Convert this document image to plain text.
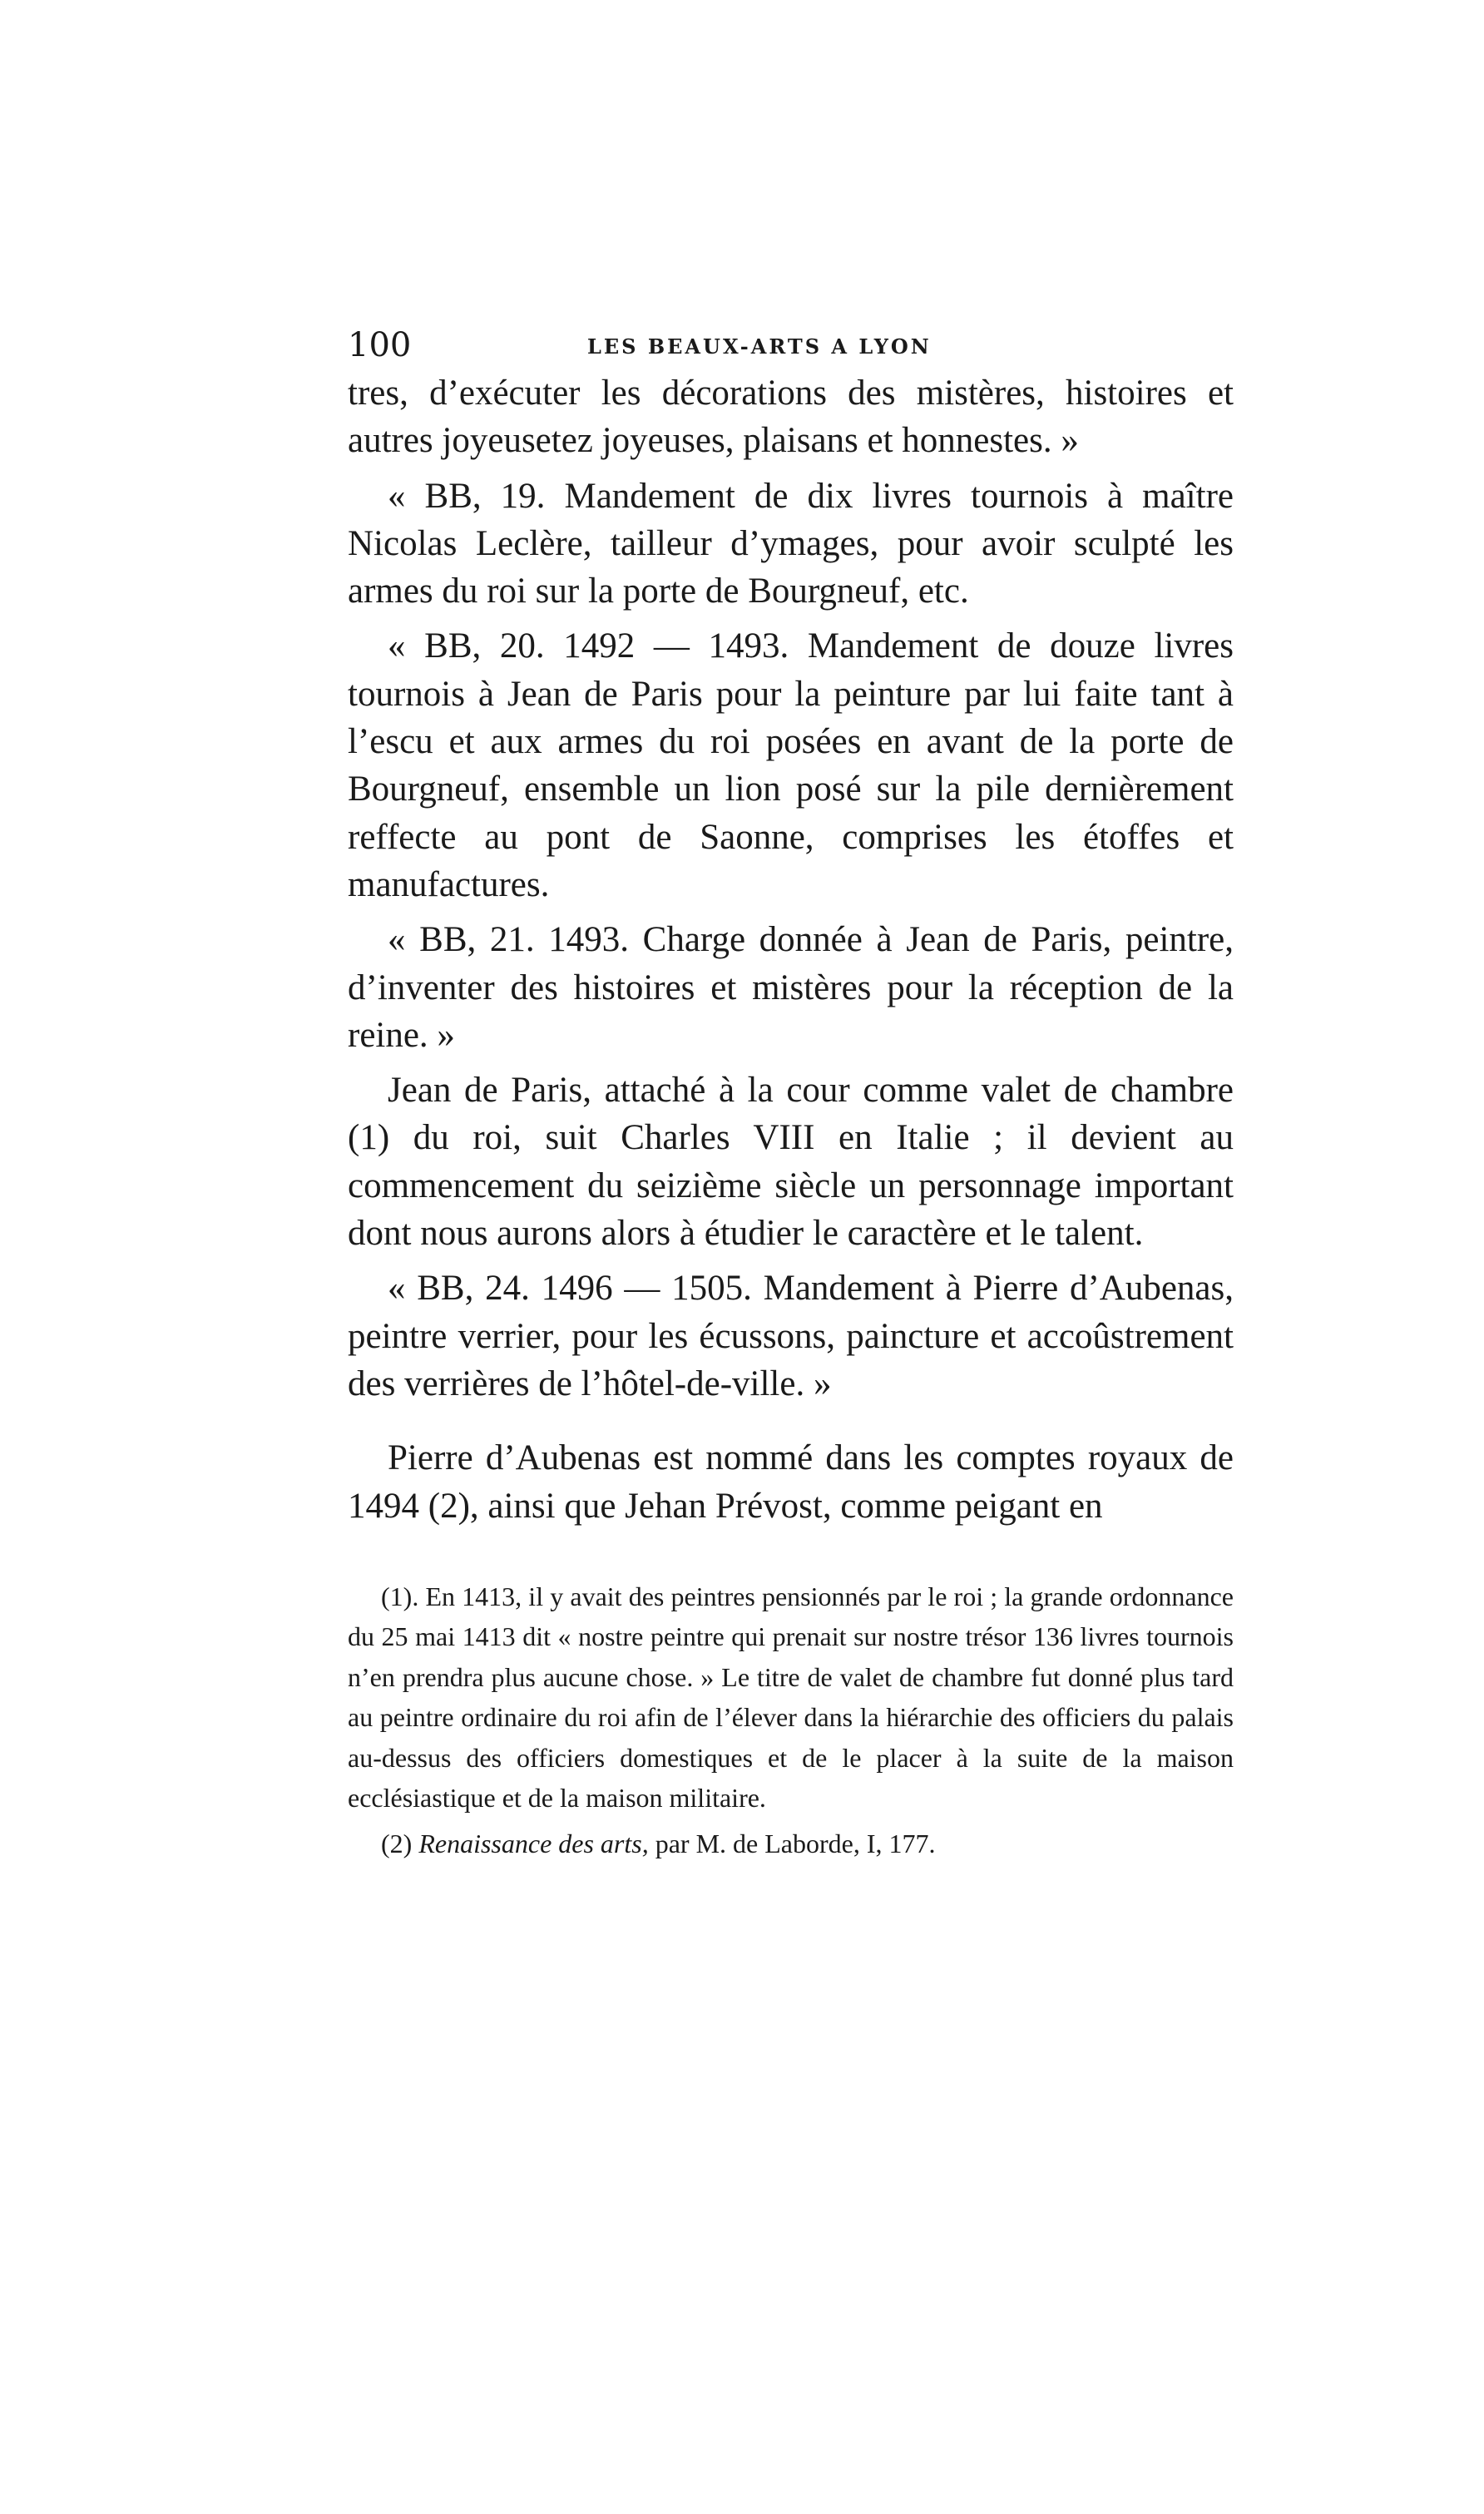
100	LES BEAUX-ARTS A LYON

tres, d’exécuter les décorations des mistères, histoires et autres joyeusetez joyeuses, plaisans et honnestes. »

« BB, 19. Mandement de dix livres tournois à maître Nicolas Leclère, tailleur d’ymages, pour avoir sculpté les armes du roi sur la porte de Bourgneuf, etc.

« BB, 20. 1492 — 1493. Mandement de douze livres tournois à Jean de Paris pour la peinture par lui faite tant à l’escu et aux armes du roi posées en avant de la porte de Bourgneuf, ensemble un lion posé sur la pile dernièrement reffecte au pont de Saonne, comprises les étoffes et manufactures.

« BB, 21. 1493. Charge donnée à Jean de Paris, peintre, d’inventer des histoires et mistères pour la réception de la reine. »

Jean de Paris, attaché à la cour comme valet de chambre (1) du roi, suit Charles VIII en Italie ; il devient au commencement du seizième siècle un personnage important dont nous aurons alors à étudier le caractère et le talent.

« BB, 24. 1496 — 1505. Mandement à Pierre d’Aubenas, peintre verrier, pour les écussons, paincture et accoûstrement des verrières de l’hôtel-de-ville. »

Pierre d’Aubenas est nommé dans les comptes royaux de 1494 (2), ainsi que Jehan Prévost, comme peigant en

(1). En 1413, il y avait des peintres pensionnés par le roi ; la grande ordonnance du 25 mai 1413 dit « nostre peintre qui prenait sur nostre trésor 136 livres tournois n’en prendra plus aucune chose. » Le titre de valet de chambre fut donné plus tard au peintre ordinaire du roi afin de l’élever dans la hiérarchie des officiers du palais au-dessus des officiers domestiques et de le placer à la suite de la maison ecclésiastique et de la maison militaire.

(2) Renaissance des arts, par M. de Laborde, I, 177.
